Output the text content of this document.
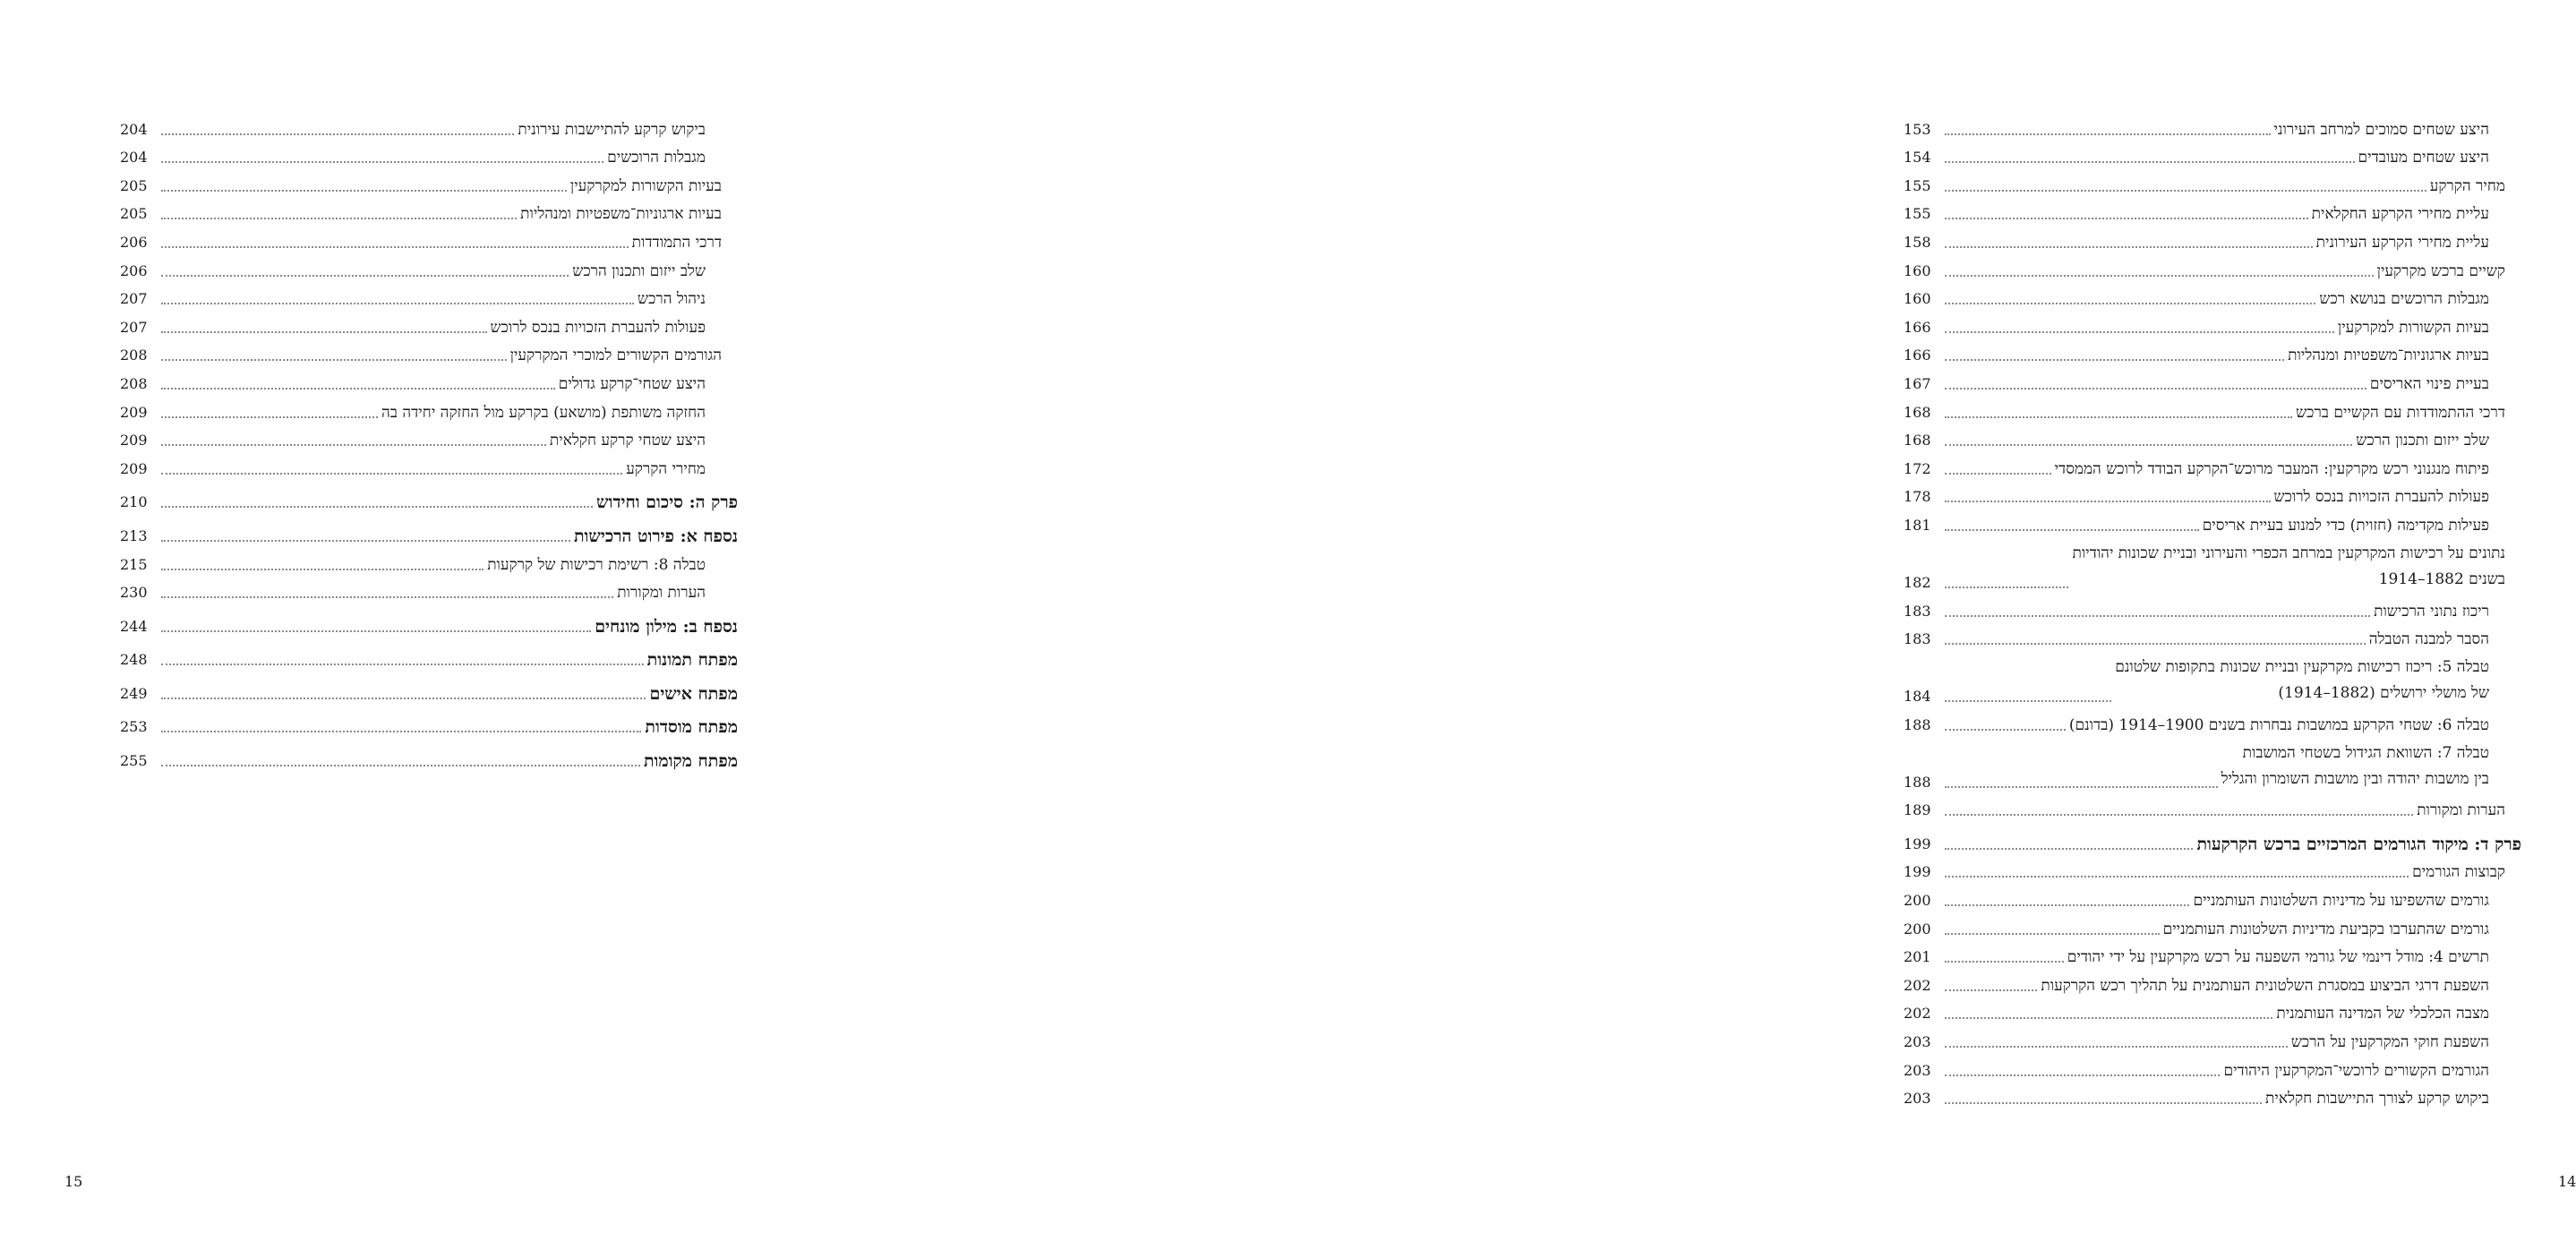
ביקוש קרקע להתיישבות עירונית
204
מגבלות הרוכשים
204
בעיות הקשורות למקרקעין
205
בעיות ארגוניות־משפטיות ומנהליות
205
דרכי התמודדות
206
שלב ייזום ותכנון הרכש
206
ניהול הרכש
207
פעולות להעברת הזכויות בנכס לרוכש
207
הגורמים הקשורים למוכרי המקרקעין
208
היצע שטחי־קרקע גדולים
208
החזקה משותפת (מושאע) בקרקע מול החזקה יחידה בה
209
היצע שטחי קרקע חקלאית
209
מחירי הקרקע
209
פרק ה: סיכום וחידוש
210
נספח א: פירוט הרכישות
213
טבלה 8: רשימת רכישות של קרקעות
215
הערות ומקורות
230
נספח ב: מילון מונחים
244
מפתח תמונות
248
מפתח אישים
249
מפתח מוסדות
253
מפתח מקומות
255
15
היצע שטחים סמוכים למרחב העירוני
153
היצע שטחים מעובדים
154
מחיר הקרקע
155
עליית מחירי הקרקע החקלאית
155
עליית מחירי הקרקע העירונית
158
קשיים ברכש מקרקעין
160
מגבלות הרוכשים בנושא רכש
160
בעיות הקשורות למקרקעין
166
בעיות ארגוניות־משפטיות ומנהליות
166
בעיית פינוי האריסים
167
דרכי ההתמודדות עם הקשיים ברכש
168
שלב ייזום ותכנון הרכש
168
פיתוח מנגנוני רכש מקרקעין: המעבר מרוכש־הקרקע הבודד לרוכש הממסדי
172
פעולות להעברת הזכויות בנכס לרוכש
178
פעילות מקדימה (חזוית) כדי למנוע בעיית אריסים
181
נתונים על רכישות המקרקעין במרחב הכפרי והעירוני ובניית שכונות יהודיות
בשנים 1882–1914
182
ריכוז נתוני הרכישות
183
הסבר למבנה הטבלה
183
טבלה 5: ריכוז רכישות מקרקעין ובניית שכונות בתקופות שלטונם
של מושלי ירושלים (1882–1914)
184
טבלה 6: שטחי הקרקע במושבות נבחרות בשנים 1900–1914 (בדונם)
188
טבלה 7: השוואת הגידול בשטחי המושבות
בין מושבות יהודה ובין מושבות השומרון והגליל
188
הערות ומקורות
189
פרק ד: מיקוד הגורמים המרכזיים ברכש הקרקעות
199
קבוצות הגורמים
199
גורמים שהשפיעו על מדיניות השלטונות העותמניים
200
גורמים שהתערבו בקביעת מדיניות השלטונות העותמניים
200
תרשים 4: מודל דינמי של גורמי השפעה על רכש מקרקעין על ידי יהודים
201
השפעת דרגי הביצוע במסגרת השלטונית העותמנית על תהליך רכש הקרקעות
202
מצבה הכלכלי של המדינה העותמנית
202
השפעת חוקי המקרקעין על הרכש
203
הגורמים הקשורים לרוכשי־המקרקעין היהודים
203
ביקוש קרקע לצורך התיישבות חקלאית
203
14
